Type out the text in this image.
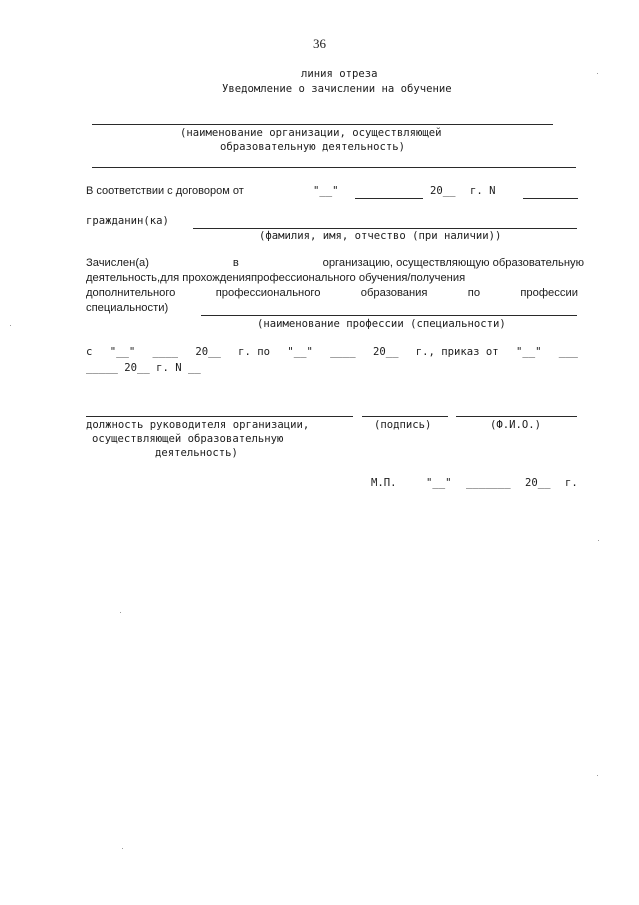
36
линия отреза
Уведомление о зачислении на обучение
(наименование организации, осуществляющей
образовательную деятельность)
В соответствии с договором от	"__"	20__ г. N
гражданин(ка)
(фамилия, имя, отчество (при наличии))
Зачислен(а)	в	организацию, осуществляющую образовательную
деятельность,для прохожденияпрофессионального обучения/получения
дополнительного	профессионального	образования	по	профессии
специальности)
(наименование профессии (специальности)
с "__" ____ 20__ г. по "__" ____ 20__ г., приказ от "__" ___
_____ 20__ г. N __
должность руководителя организации,	(подпись)	(Ф.И.О.)
осуществляющей образовательную
деятельность)
М.П.	"__" _______ 20__ г.
